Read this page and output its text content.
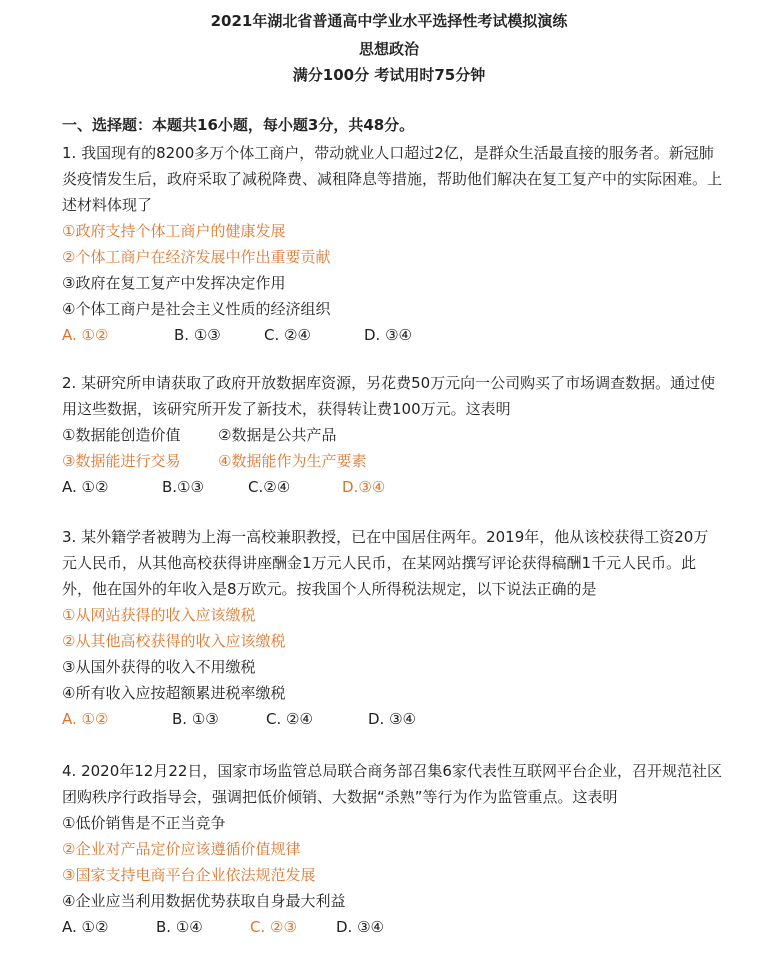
2021年湖北省普通高中学业水平选择性考试模拟演练
思想政治
满分100分 考试用时75分钟
一、选择题：本题共16小题，每小题3分，共48分。
1. 我国现有的8200多万个体工商户，带动就业人口超过2亿，是群众生活最直接的服务者。新冠肺炎疫情发生后，政府采取了减税降费、减租降息等措施，帮助他们解决在复工复产中的实际困难。上述材料体现了
①政府支持个体工商户的健康发展
②个体工商户在经济发展中作出重要贡献
③政府在复工复产中发挥决定作用
④个体工商户是社会主义性质的经济组织
A. ①②	B. ①③	C. ②④	D. ③④
2. 某研究所申请获取了政府开放数据库资源，另花费50万元向一公司购买了市场调查数据。通过使用这些数据，该研究所开发了新技术，获得转让费100万元。这表明
①数据能创造价值	②数据是公共产品
③数据能进行交易	④数据能作为生产要素
A. ①②	B.①③	C.②④	D.③④
3. 某外籍学者被聘为上海一高校兼职教授，已在中国居住两年。2019年，他从该校获得工资20万元人民币，从其他高校获得讲座酬金1万元人民币，在某网站撰写评论获得稿酬1千元人民币。此外，他在国外的年收入是8万欧元。按我国个人所得税法规定，以下说法正确的是
①从网站获得的收入应该缴税
②从其他高校获得的收入应该缴税
③从国外获得的收入不用缴税
④所有收入应按超额累进税率缴税
A. ①②	B. ①③	C. ②④	D. ③④
4. 2020年12月22日，国家市场监管总局联合商务部召集6家代表性互联网平台企业，召开规范社区团购秩序行政指导会，强调把低价倾销、大数据“杀熟”等行为作为监管重点。这表明
①低价销售是不正当竞争
②企业对产品定价应该遵循价值规律
③国家支持电商平台企业依法规范发展
④企业应当利用数据优势获取自身最大利益
A. ①②	B. ①④	C. ②③	D. ③④
